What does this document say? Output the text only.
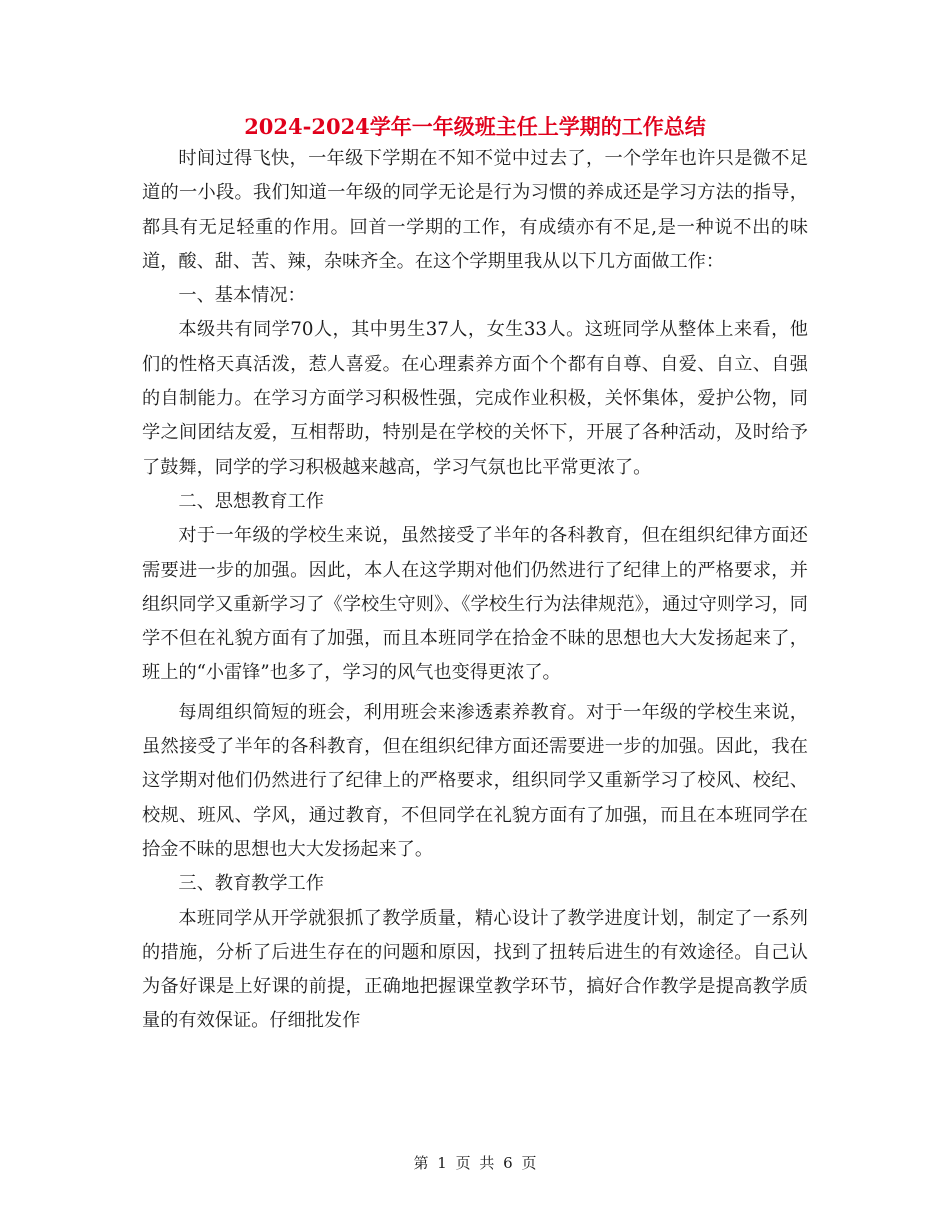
2024-2024学年一年级班主任上学期的工作总结

时间过得飞快，一年级下学期在不知不觉中过去了，一个学年也许只是微不足道的一小段。我们知道一年级的同学无论是行为习惯的养成还是学习方法的指导，都具有无足轻重的作用。回首一学期的工作，有成绩亦有不足,是一种说不出的味道，酸、甜、苦、辣，杂味齐全。在这个学期里我从以下几方面做工作：

一、基本情况：

本级共有同学70人，其中男生37人，女生33人。这班同学从整体上来看，他们的性格天真活泼，惹人喜爱。在心理素养方面个个都有自尊、自爱、自立、自强的自制能力。在学习方面学习积极性强，完成作业积极，关怀集体，爱护公物，同学之间团结友爱，互相帮助，特别是在学校的关怀下，开展了各种活动，及时给予了鼓舞，同学的学习积极越来越高，学习气氛也比平常更浓了。

二、思想教育工作

对于一年级的学校生来说，虽然接受了半年的各科教育，但在组织纪律方面还需要进一步的加强。因此，本人在这学期对他们仍然进行了纪律上的严格要求，并组织同学又重新学习了《学校生守则》、《学校生行为法律规范》，通过守则学习，同学不但在礼貌方面有了加强，而且本班同学在拾金不昧的思想也大大发扬起来了，班上的“小雷锋”也多了，学习的风气也变得更浓了。

每周组织简短的班会，利用班会来渗透素养教育。对于一年级的学校生来说，虽然接受了半年的各科教育，但在组织纪律方面还需要进一步的加强。因此，我在这学期对他们仍然进行了纪律上的严格要求，组织同学又重新学习了校风、校纪、校规、班风、学风，通过教育，不但同学在礼貌方面有了加强，而且在本班同学在拾金不昧的思想也大大发扬起来了。

三、教育教学工作

本班同学从开学就狠抓了教学质量，精心设计了教学进度计划，制定了一系列的措施，分析了后进生存在的问题和原因，找到了扭转后进生的有效途径。自己认为备好课是上好课的前提，正确地把握课堂教学环节，搞好合作教学是提高教学质量的有效保证。仔细批发作

第 1 页 共 6 页
